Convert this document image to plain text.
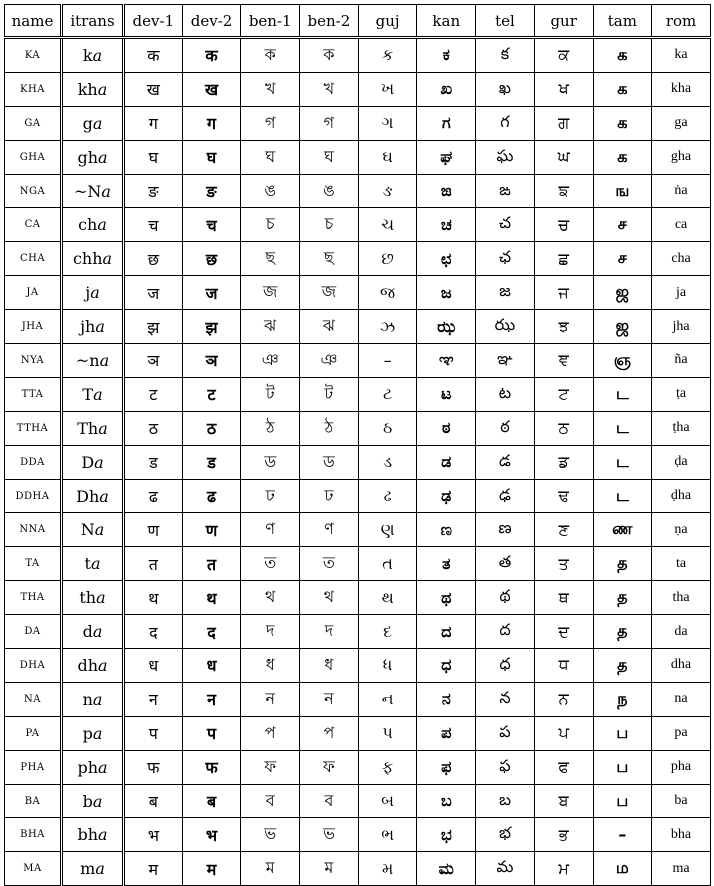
name	itrans	dev-1	dev-2	ben-1	ben-2	guj	kan	tel	gur	tam	rom
KA	ka	क	क	ক	ক	ક	ಕ	క	ਕ	க	ka
KHA	kha	ख	ख	খ	খ	ખ	ಖ	ఖ	ਖ	க	kha
GA	ga	ग	ग	গ	গ	ગ	ಗ	గ	ਗ	க	ga
GHA	gha	घ	घ	ঘ	ঘ	ઘ	ಘ	ఘ	ਘ	க	gha
NGA	~Na	ङ	ङ	ঙ	ঙ	ઙ	ಙ	ఙ	ਙ	ங	ṅa
CA	cha	च	च	চ	চ	ચ	ಚ	చ	ਚ	ச	ca
CHA	chha	छ	छ	ছ	ছ	છ	ಛ	ఛ	ਛ	ச	cha
JA	ja	ज	ज	জ	জ	જ	ಜ	జ	ਜ	ஜ	ja
JHA	jha	झ	झ	ঝ	ঝ	ઝ	ಝ	ఝ	ਝ	ஜ	jha
NYA	~na	ञ	ञ	ঞ	ঞ	–	ಞ	ఞ	ਞ	ஞ	ña
TTA	Ta	ट	ट	ট	ট	ટ	ಟ	ట	ਟ	ட	ṭa
TTHA	Tha	ठ	ठ	ঠ	ঠ	ઠ	ಠ	ఠ	ਠ	ட	ṭha
DDA	Da	ड	ड	ড	ড	ડ	ಡ	డ	ਡ	ட	ḍa
DDHA	Dha	ढ	ढ	ঢ	ঢ	ઢ	ಢ	ఢ	ਢ	ட	ḍha
NNA	Na	ण	ण	ণ	ণ	ણ	ಣ	ణ	ਣ	ண	ṇa
TA	ta	त	त	ত	ত	ત	ತ	త	ਤ	த	ta
THA	tha	थ	थ	থ	থ	થ	ಥ	థ	ਥ	த	tha
DA	da	द	द	দ	দ	દ	ದ	ద	ਦ	த	da
DHA	dha	ध	ध	ধ	ধ	ધ	ಧ	ధ	ਧ	த	dha
NA	na	न	न	ন	ন	ન	ನ	న	ਨ	ந	na
PA	pa	प	प	প	প	પ	ಪ	ప	ਪ	ப	pa
PHA	pha	फ	फ	ফ	ফ	ફ	ಫ	ఫ	ਫ	ப	pha
BA	ba	ब	ब	ব	ব	બ	ಬ	బ	ਬ	ப	ba
BHA	bha	भ	भ	ভ	ভ	ભ	ಭ	భ	ਭ	–	bha
MA	ma	म	म	ম	ম	મ	ಮ	మ	ਮ	ம	ma
